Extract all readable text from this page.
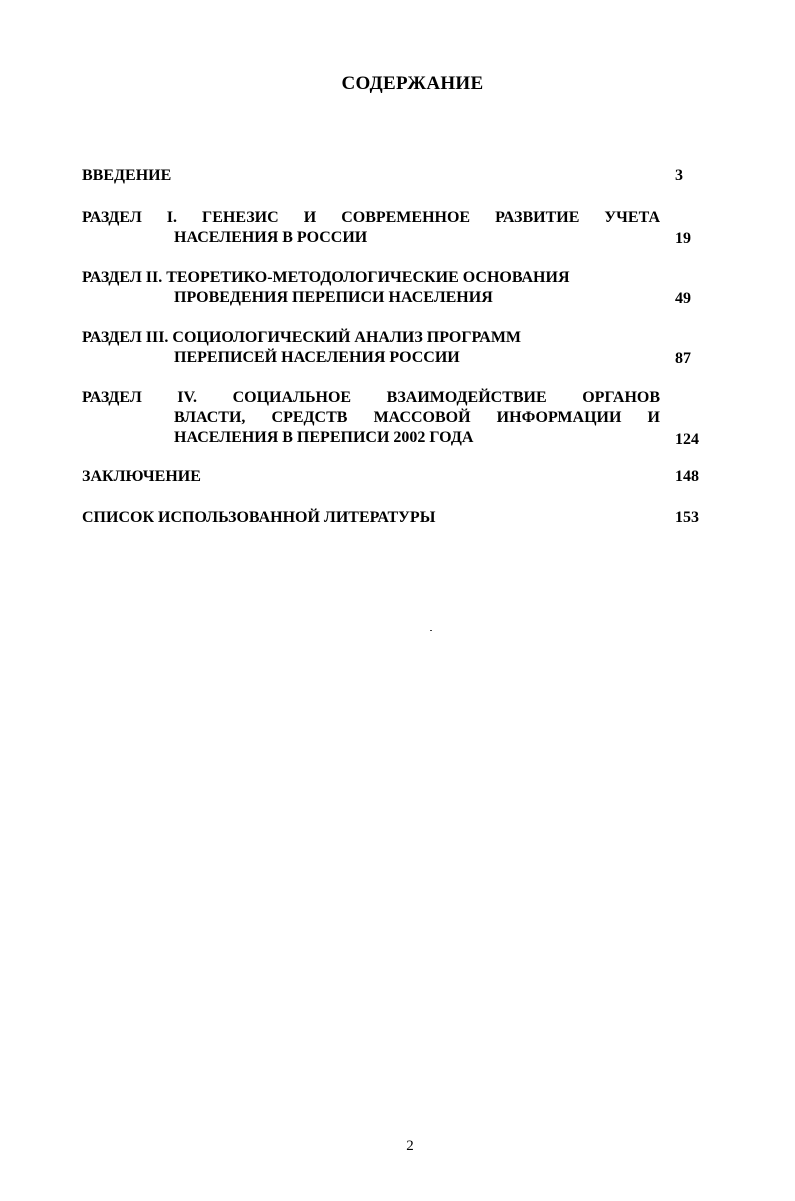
СОДЕРЖАНИЕ
ВВЕДЕНИЕ	3
РАЗДЕЛ I. ГЕНЕЗИС И СОВРЕМЕННОЕ РАЗВИТИЕ УЧЕТА
НАСЕЛЕНИЯ В РОССИИ	19
РАЗДЕЛ II. ТЕОРЕТИКО-МЕТОДОЛОГИЧЕСКИЕ ОСНОВАНИЯ
ПРОВЕДЕНИЯ ПЕРЕПИСИ НАСЕЛЕНИЯ	49
РАЗДЕЛ III. СОЦИОЛОГИЧЕСКИЙ АНАЛИЗ ПРОГРАММ
ПЕРЕПИСЕЙ НАСЕЛЕНИЯ РОССИИ	87
РАЗДЕЛ IV. СОЦИАЛЬНОЕ ВЗАИМОДЕЙСТВИЕ ОРГАНОВ
ВЛАСТИ, СРЕДСТВ МАССОВОЙ ИНФОРМАЦИИ И
НАСЕЛЕНИЯ В ПЕРЕПИСИ 2002 ГОДА	124
ЗАКЛЮЧЕНИЕ	148
СПИСОК ИСПОЛЬЗОВАННОЙ ЛИТЕРАТУРЫ	153
2
